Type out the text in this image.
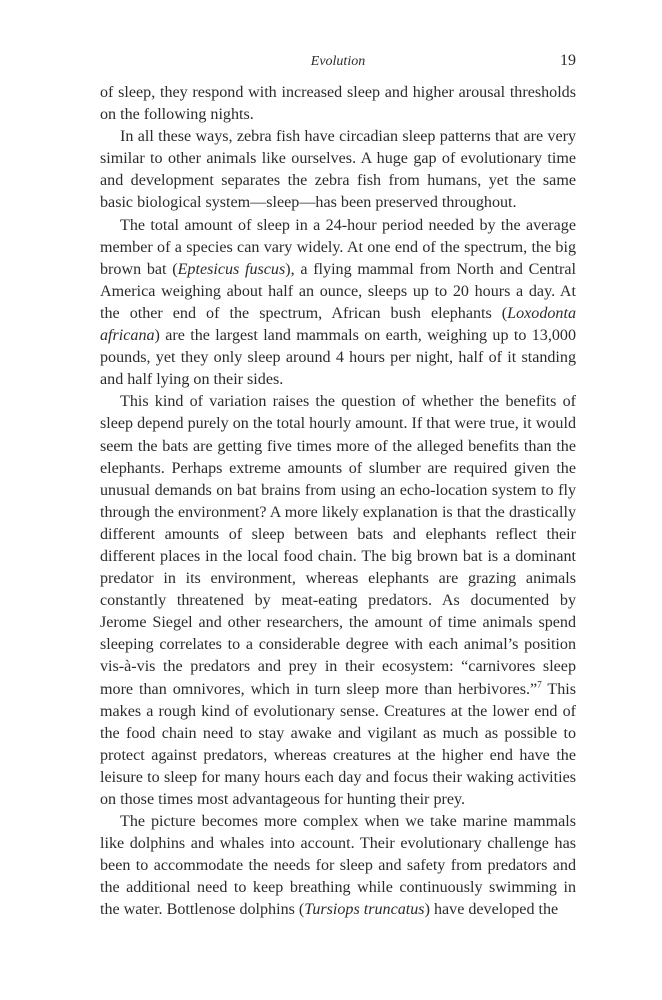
Evolution	19

of sleep, they respond with increased sleep and higher arousal thresholds on the following nights.

In all these ways, zebra fish have circadian sleep patterns that are very similar to other animals like ourselves. A huge gap of evolutionary time and development separates the zebra fish from humans, yet the same basic biological system—sleep—has been preserved throughout.

The total amount of sleep in a 24-hour period needed by the average member of a species can vary widely. At one end of the spectrum, the big brown bat (Eptesicus fuscus), a flying mammal from North and Central America weighing about half an ounce, sleeps up to 20 hours a day. At the other end of the spectrum, African bush elephants (Loxodonta africana) are the largest land mammals on earth, weighing up to 13,000 pounds, yet they only sleep around 4 hours per night, half of it standing and half lying on their sides.

This kind of variation raises the question of whether the benefits of sleep depend purely on the total hourly amount. If that were true, it would seem the bats are getting five times more of the alleged benefits than the elephants. Perhaps extreme amounts of slumber are required given the unusual demands on bat brains from using an echo-location system to fly through the environment? A more likely explanation is that the drastically different amounts of sleep between bats and elephants reflect their different places in the local food chain. The big brown bat is a dominant predator in its environment, whereas elephants are grazing animals constantly threatened by meat-eating predators. As documented by Jerome Siegel and other researchers, the amount of time animals spend sleeping correlates to a considerable degree with each animal’s position vis-à-vis the predators and prey in their ecosystem: “carnivores sleep more than omnivores, which in turn sleep more than herbivores.”$^7$ This makes a rough kind of evolutionary sense. Creatures at the lower end of the food chain need to stay awake and vigilant as much as possible to protect against predators, whereas creatures at the higher end have the leisure to sleep for many hours each day and focus their waking activities on those times most advantageous for hunting their prey.

The picture becomes more complex when we take marine mammals like dolphins and whales into account. Their evolutionary challenge has been to accommodate the needs for sleep and safety from predators and the additional need to keep breathing while continuously swimming in the water. Bottlenose dolphins (Tursiops truncatus) have developed the
